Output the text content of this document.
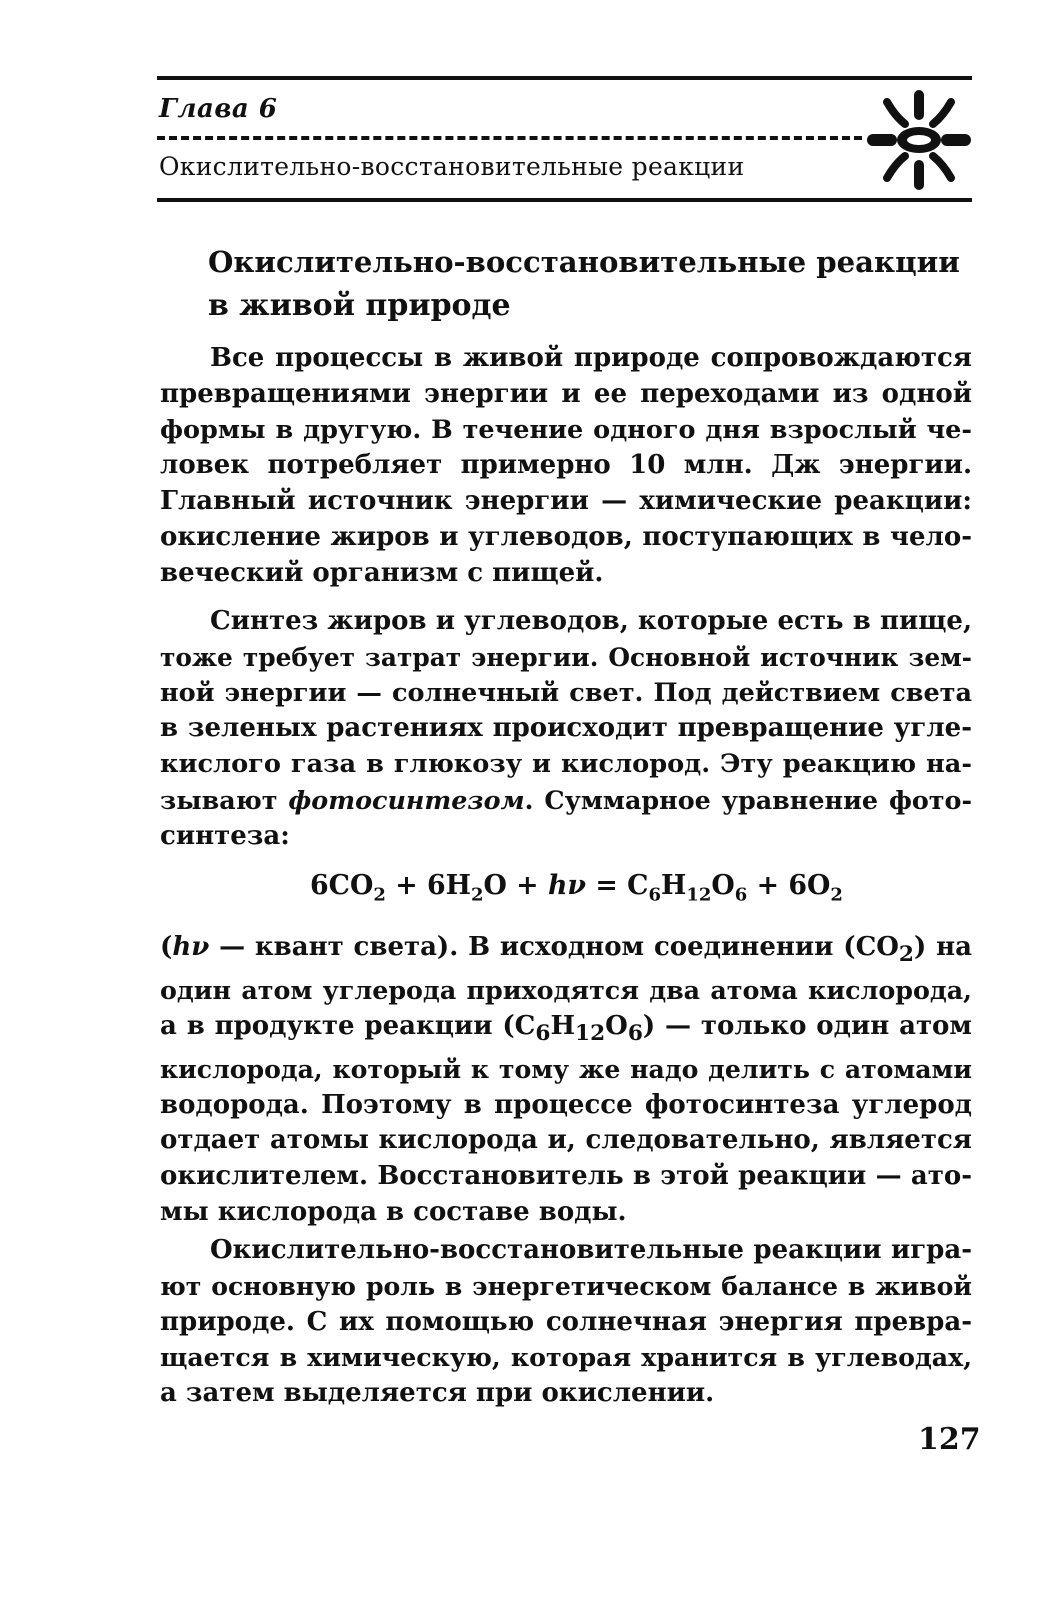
Глава 6
Окислительно-восстановительные реакции
Окислительно-восстановительные реакции
в живой природе
Все процессы в живой природе сопровождаются
превращениями энергии и ее переходами из одной
формы в другую. В течение одного дня взрослый че-
ловек потребляет примерно 10 млн. Дж энергии.
Главный источник энергии — химические реакции:
окисление жиров и углеводов, поступающих в чело-
веческий организм с пищей.
Синтез жиров и углеводов, которые есть в пище,
тоже требует затрат энергии. Основной источник зем-
ной энергии — солнечный свет. Под действием света
в зеленых растениях происходит превращение угле-
кислого газа в глюкозу и кислород. Эту реакцию на-
зывают фотосинтезом. Суммарное уравнение фото-
синтеза:
$6CO_2 + 6H_2O + h\nu = C_6H_{12}O_6 + 6O_2$
(hν — квант света). В исходном соединении $(CO_2)$ на
один атом углерода приходятся два атома кислорода,
а в продукте реакции $(C_6H_{12}O_6)$ — только один атом
кислорода, который к тому же надо делить с атомами
водорода. Поэтому в процессе фотосинтеза углерод
отдает атомы кислорода и, следовательно, является
окислителем. Восстановитель в этой реакции — ато-
мы кислорода в составе воды.
Окислительно-восстановительные реакции игра-
ют основную роль в энергетическом балансе в живой
природе. С их помощью солнечная энергия превра-
щается в химическую, которая хранится в углеводах,
а затем выделяется при окислении.
127
